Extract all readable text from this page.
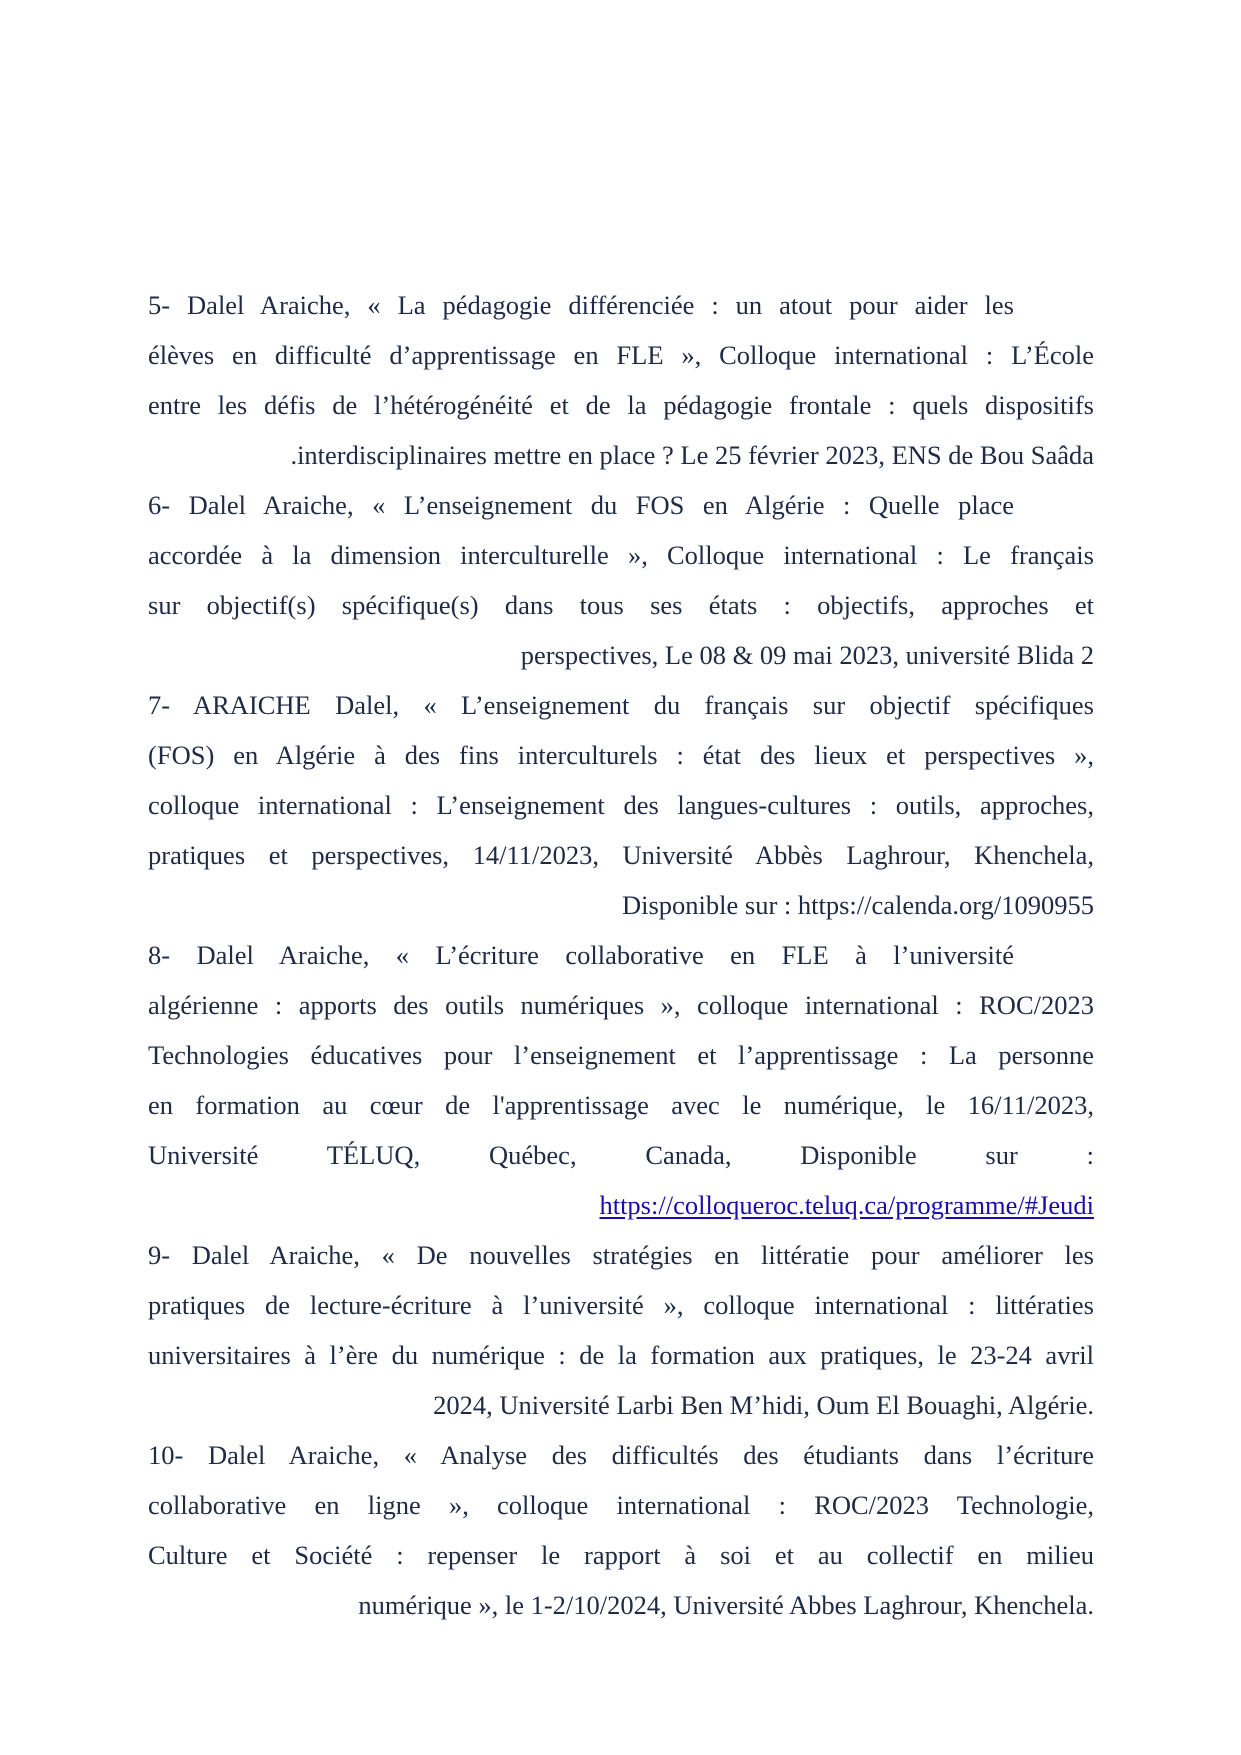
5- Dalel Araiche, « La pédagogie différenciée : un atout pour aider les
élèves en difficulté d’apprentissage en FLE », Colloque international : L’École
entre les défis de l’hétérogénéité et de la pédagogie frontale : quels dispositifs
.interdisciplinaires mettre en place ? Le 25 février 2023, ENS de Bou Saâda
6- Dalel Araiche, « L’enseignement du FOS en Algérie : Quelle place
accordée à la dimension interculturelle », Colloque international : Le français
sur objectif(s) spécifique(s) dans tous ses états : objectifs, approches et
perspectives, Le 08 & 09 mai 2023, université Blida 2
7- ARAICHE Dalel, « L’enseignement du français sur objectif spécifiques
(FOS) en Algérie à des fins interculturels : état des lieux et perspectives »,
colloque international : L’enseignement des langues-cultures : outils, approches,
pratiques et perspectives, 14/11/2023, Université Abbès Laghrour, Khenchela,
Disponible sur : https://calenda.org/1090955
8- Dalel Araiche, « L’écriture collaborative en FLE à l’université
algérienne : apports des outils numériques », colloque international : ROC/2023
Technologies éducatives pour l’enseignement et l’apprentissage : La personne
en formation au cœur de l'apprentissage avec le numérique, le 16/11/2023,
Université TÉLUQ, Québec, Canada, Disponible sur :
https://colloqueroc.teluq.ca/programme/#Jeudi
9- Dalel Araiche, « De nouvelles stratégies en littératie pour améliorer les
pratiques de lecture-écriture à l’université », colloque international : littératies
universitaires à l’ère du numérique : de la formation aux pratiques, le 23-24 avril
2024, Université Larbi Ben M’hidi, Oum El Bouaghi, Algérie.
10- Dalel Araiche, « Analyse des difficultés des étudiants dans l’écriture
collaborative en ligne », colloque international : ROC/2023 Technologie,
Culture et Société : repenser le rapport à soi et au collectif en milieu
numérique », le 1-2/10/2024, Université Abbes Laghrour, Khenchela.
